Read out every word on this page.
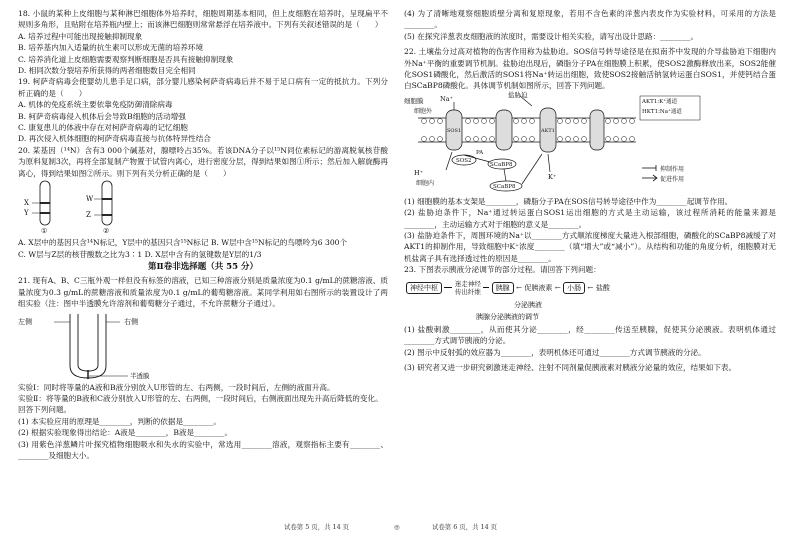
18. 小鼠的某种上皮细胞与某种淋巴细胞体外培养时，细胞周期基本相同，但上皮细胞在培养时，呈现扁平不规则多角形，且贴附在培养瓶内壁上；而该淋巴细胞则常常悬浮在培养液中。下列有关叙述错误的是（　　）

A. 培养过程中可能出现接触抑制现象

B. 培养基内加入适量的抗生素可以形成无菌的培养环境

C. 培养消化道上皮细胞需要观察判断细胞是否具有接触抑制现象

D. 相同次数分裂培养所获得的两者细胞数目完全相同

19. 柯萨奇病毒会使婴幼儿患手足口病，部分婴儿感染柯萨奇病毒后并不易于足口病有一定的抵抗力。下列分析正确的是（　　）

A. 机体的免疫系统主要依靠免疫防御清除病毒

B. 柯萨奇病毒侵入机体后会导致B细胞的活动增强

C. 康复患儿的体液中存在对柯萨奇病毒的记忆细胞

D. 再次侵入机体细胞的柯萨奇病毒直接与抗体特异性结合

20. 某基因（¹⁴N）含有3 000个碱基对，腺嘌呤占35%。若该DNA分子以¹⁵N同位素标记的游离脱氧核苷酸为原料复制3次，再将全部复制产物置于试管内离心，进行密度分层，得到结果如图①所示；然后加入解旋酶再离心，得到结果如图②所示。则下列有关分析正确的是（　　）

X
Y
W
Z
①	②

A. X层中的基因只含¹⁴N标记，Y层中的基因只含¹⁵N标记 B. W层中含¹⁵N标记的鸟嘌呤为6 300个

C. W层与Z层的核苷酸数之比为3∶1 D. X层中含有的氢键数是Y层的1/3

第Ⅱ卷非选择题（共 55 分）

21. 现有A、B、C三瓶外观一样但没有标签的溶液，已知三种溶液分别是质量浓度为0.1 g/mL的蔗糖溶液、质量浓度为0.3 g/mL的蔗糖溶液和质量浓度为0.1 g/mL的葡萄糖溶液。某同学利用如右图所示的装置设计了两组实验（注：图中半透膜允许溶剂和葡萄糖分子通过，不允许蔗糖分子通过）。

左侧	右侧
半透膜

实验Ⅰ：同时将等量的A液和B液分别放入U形管的左、右两侧，一段时间后，左侧的液面升高。

实验Ⅱ：将等量的B液和C液分别放入U形管的左、右两侧，一段时间后，右侧液面出现先升高后降低的变化。

回答下列问题。

(1) 本实验应用的原理是________，判断的依据是________。

(2) 根据实验现象得出结论：A液是________，B液是________。

(3) 用紫色洋葱鳞片叶探究植物细胞吸水和失水的实验中，常选用________溶液，观察指标主要有________、________及细胞大小。

(4) 为了清晰地观察细胞质壁分离和复原现象，若用不含色素的洋葱内表皮作为实验材料，可采用的方法是________。

(5) 在探究洋葱表皮细胞液的浓度时，需要设计相关实验，请写出设计思路：________。

22. 土壤盐分过高对植物的伤害作用称为盐胁迫。SOS信号转导途径是在拟南芥中发现的介导盐胁迫下细胞内外Na⁺平衡的重要调节机制。盐胁迫出现后，磷脂分子PA在细胞膜上积累，使SOS2激酶释放出来，SOS2能催化SOS1磷酸化，然后激活的SOS1将Na⁺转运出细胞，致使SOS2接触活钠氢转运蛋白SOS1，并使钙结合蛋白SCaBP8磷酸化。具体调节机制如图所示，回答下列问题。

盐胁迫
细胞膜
细胞外
Na⁺
SOS1	AKT1
SOS2
SCaBP8
SCaBP8
PA
H⁺
细胞内
K⁺
AKT1:K⁺通道
HKT1:Na⁺通道
抑制作用
促进作用

(1) 细胞膜的基本支架是________，磷脂分子PA在SOS信号转导途径中作为________起调节作用。

(2) 盐胁迫条件下，Na⁺通过转运蛋白SOS1运出细胞的方式是主动运输，该过程所消耗的能量来源是________，主动运输方式对于细胞的意义是________。

(3) 盐胁迫条件下，周围环境的Na⁺以________方式顺浓度梯度大量进入根部细胞，磷酸化的SCaBP8减缓了对AKT1的抑制作用，导致细胞中K⁺浓度________（填“增大”或“减小”）。从结构和功能的角度分析，细胞膜对无机盐离子具有选择透过性的原因是________。

23. 下图表示胰液分泌调节的部分过程。请回答下列问题：

神经中枢	迷走神经
传出纤维 胰腺 ← 促胰液素 ← 小肠 ← 盐酸
分泌胰液
胰腺分泌胰液的调节

(1) 盐酸刺激________，从而使其分泌________，经________传送至胰腺，促使其分泌胰液。表明机体通过________方式调节胰液的分泌。

(2) 图示中反射弧的效应器为________，表明机体还可通过________方式调节胰液的分泌。

(3) 研究者又进一步研究刺激迷走神经、注射不同剂量促胰液素对胰液分泌量的效应，结果如下表。

试卷第 5 页，共 14 页	◎	试卷第 6 页，共 14 页
